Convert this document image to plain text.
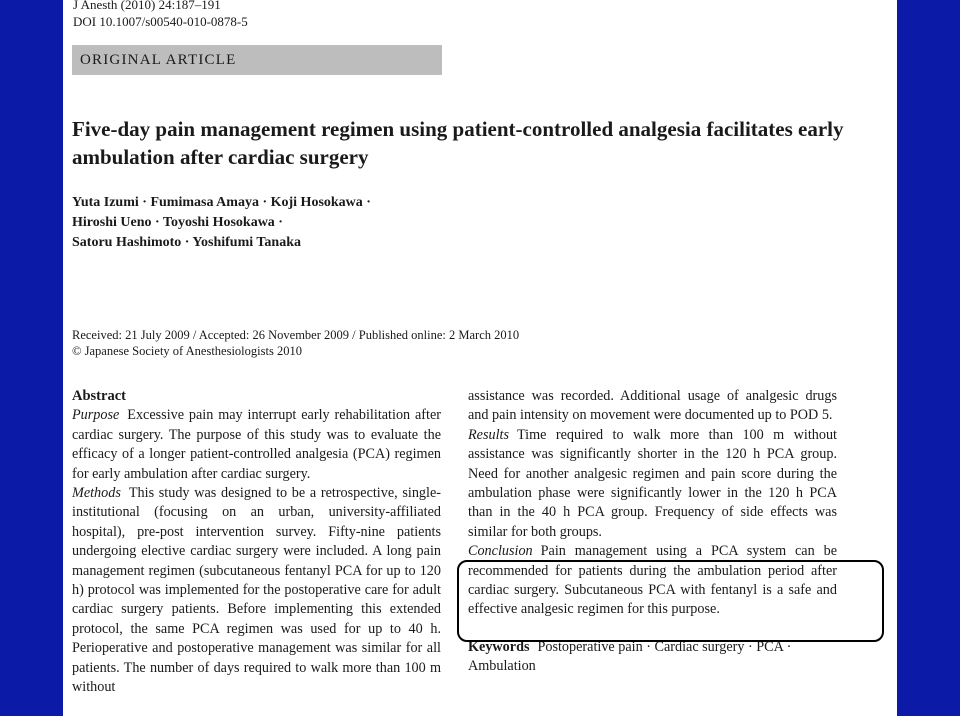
J Anesth (2010) 24:187–191
DOI 10.1007/s00540-010-0878-5
ORIGINAL ARTICLE
Five-day pain management regimen using patient-controlled analgesia facilitates early ambulation after cardiac surgery
Yuta Izumi · Fumimasa Amaya · Koji Hosokawa ·
Hiroshi Ueno · Toyoshi Hosokawa ·
Satoru Hashimoto · Yoshifumi Tanaka
Received: 21 July 2009 / Accepted: 26 November 2009 / Published online: 2 March 2010
© Japanese Society of Anesthesiologists 2010
Abstract

Purpose Excessive pain may interrupt early rehabilitation after cardiac surgery. The purpose of this study was to evaluate the efficacy of a longer patient-controlled analgesia (PCA) regimen for early ambulation after cardiac surgery.

Methods This study was designed to be a retrospective, single-institutional (focusing on an urban, university-affiliated hospital), pre-post intervention survey. Fifty-nine patients undergoing elective cardiac surgery were included. A long pain management regimen (subcutaneous fentanyl PCA for up to 120 h) protocol was implemented for the postoperative care for adult cardiac surgery patients. Before implementing this extended protocol, the same PCA regimen was used for up to 40 h. Perioperative and postoperative management was similar for all patients. The number of days required to walk more than 100 m without

assistance was recorded. Additional usage of analgesic drugs and pain intensity on movement were documented up to POD 5.

Results Time required to walk more than 100 m without assistance was significantly shorter in the 120 h PCA group. Need for another analgesic regimen and pain score during the ambulation phase were significantly lower in the 120 h PCA than in the 40 h PCA group. Frequency of side effects was similar for both groups.

Conclusion Pain management using a PCA system can be recommended for patients during the ambulation period after cardiac surgery. Subcutaneous PCA with fentanyl is a safe and effective analgesic regimen for this purpose.

Keywords Postoperative pain · Cardiac surgery · PCA · Ambulation
